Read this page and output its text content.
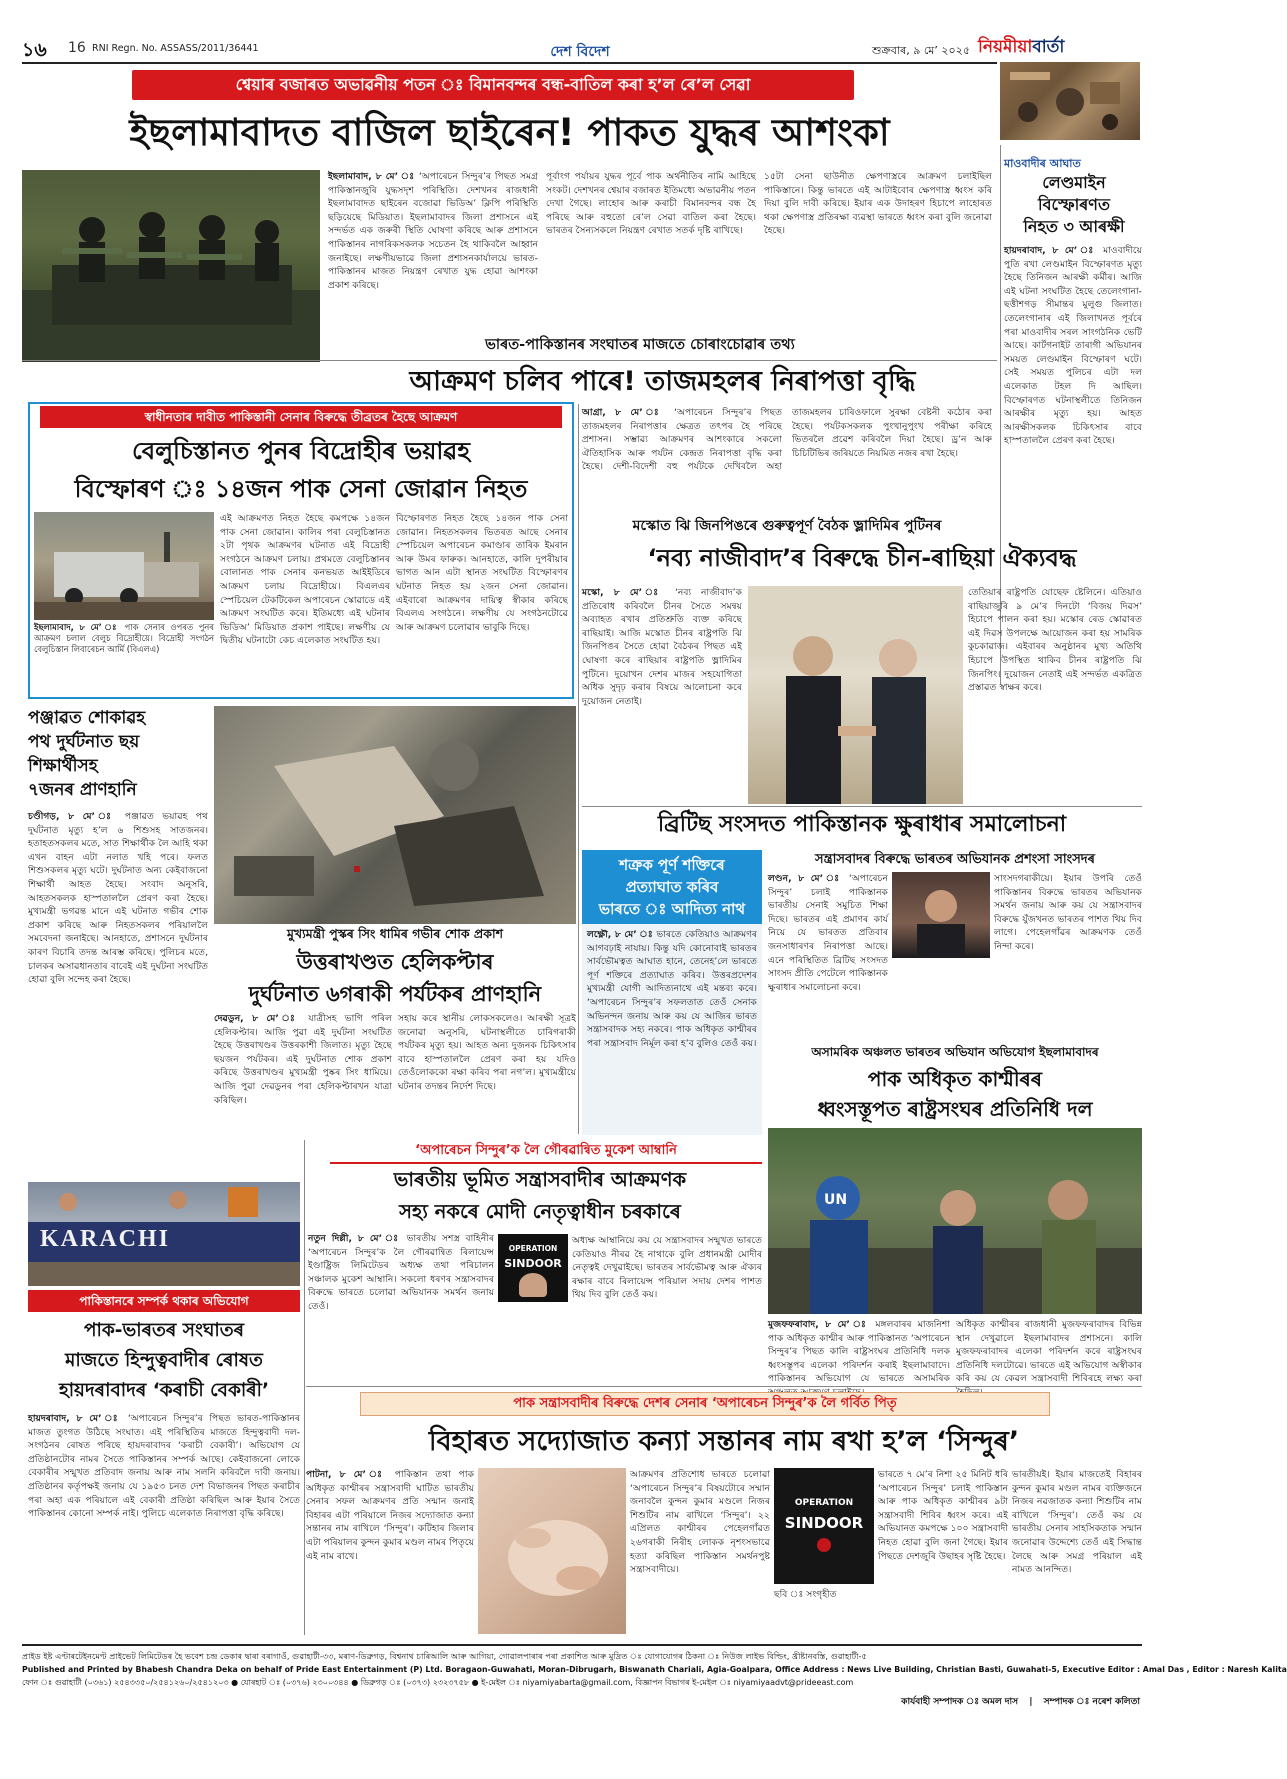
১৬ 16 RNI Regn. No. ASSASS/2011/36441	দেশ বিদেশ	শুক্রবাৰ, ৯ মে’ ২০২৫ নিয়মীয়াবাৰ্তা
শ্বেয়াৰ বজাৰত অভাৱনীয় পতন ঃ বিমানবন্দৰ বন্ধ-বাতিল কৰা হ’ল ৰে’ল সেৱা
ইছলামাবাদত বাজিল ছাইৰেন! পাকত যুদ্ধৰ আশংকা
ইছলামাবাদ, ৮ মে’ ঃ ‘অপাৰেচন সিন্দুৰ’ৰ পিছত সমগ্ৰ পাকিস্তানজুৰি যুদ্ধসদৃশ পৰিস্থিতি। দেশখনৰ ৰাজধানী ইছলামাবাদত ছাইৰেন বজোৱা ভিডিঅ’ ক্লিপি পৰিস্থিতি ছড়িয়েছে মিডিয়াত। ইছলামাবাদৰ জিলা প্ৰশাসনে এই সন্দৰ্ভত এক জৰুৰী স্থিতি ঘোষণা কৰিছে আৰু প্ৰশাসনে পাকিস্তানৰ নাগৰিকসকলক সচেতন হৈ থাকিবলৈ আহ্বান জনাইছে। লক্ষণীয়ভাৱে জিলা প্ৰশাসনকাৰ্যালয়ে ভাৰত-পাকিস্তানৰ মাজত নিয়ন্ত্ৰণ ৰেখাত যুদ্ধ হোৱা আশংকা প্ৰকাশ কৰিছে।
পূৰ্বাংগ পৰ্যায়ৰ যুদ্ধৰ পূৰ্বে পাক অৰ্থনীতিৰ নামি আহিছে সংকট। দেশখনৰ শ্বেয়াৰ বজাৰত ইতিমধ্যে অভাৱনীয় পতন দেখা গৈছে। লাহোৰ আৰু কৰাচী বিমানবন্দৰ বন্ধ হৈ পৰিছে আৰু বহুতো ৰে’ল সেৱা বাতিল কৰা হৈছে। ভাৰতৰ সৈন্যসকলে নিয়ন্ত্ৰণ ৰেখাত সতৰ্ক দৃষ্টি ৰাখিছে।
১৫টা সেনা ছাউনীত ক্ষেপণাস্ত্ৰৰে আক্ৰমণ চলাইছিল পাকিস্তানে। কিন্তু ভাৰতে এই আটাইবোৰ ক্ষেপণাস্ত্ৰ ধ্বংস কৰি দিয়া বুলি দাবী কৰিছে। ইয়াৰ এক উদাহৰণ হিচাপে লাহোৰত থকা ক্ষেপণাস্ত্ৰ প্ৰতিৰক্ষা ব্যৱস্থা ভাৰতে ধ্বংস কৰা বুলি জনোৱা হৈছে।
ভাৰত-পাকিস্তানৰ সংঘাতৰ মাজতে চোৰাংচোৱাৰ তথ্য
মাওবাদীৰ আঘাত
লেণ্ডমাইন
বিস্ফোৰণত
নিহত ৩ আৰক্ষী
হায়দৰাবাদ, ৮ মে’ ঃ মাওবাদীয়ে পুতি ৰখা লেণ্ডমাইন বিস্ফোৰণত মৃত্যু হৈছে তিনিজন আৰক্ষী কৰ্মীৰ। আজি এই ঘটনা সংঘটিত হৈছে তেলেংগানা-ছত্তীশগড় সীমান্তৰ মুলুগু জিলাত। তেলেংগানাৰ এই জিলাখনত পূৰ্বৰে পৰা মাওবাদীৰ সৰল সাংগঠনিক ভেটি আছে। কাৰ্টগনাইট তাৰাগী অভিযানৰ সময়ত লেণ্ডমাইন বিস্ফোৰণ ঘটে। সেই সময়ত পুলিচৰ এটা দল এলেকাত টহল দি আছিল। বিস্ফোৰণত ঘটনাস্থলীতে তিনিজন আৰক্ষীৰ মৃত্যু হয়। আহত আৰক্ষীসকলক চিকিৎসাৰ বাবে হাস্পতাললৈ প্ৰেৰণ কৰা হৈছে।
আক্ৰমণ চলিব পাৰে! তাজমহলৰ নিৰাপত্তা বৃদ্ধি
স্বাধীনতাৰ দাবীত পাকিস্তানী সেনাৰ বিৰুদ্ধে তীব্ৰতৰ হৈছে আক্ৰমণ
বেলুচিস্তানত পুনৰ বিদ্ৰোহীৰ ভয়াৱহ
বিস্ফোৰণ ঃ ১৪জন পাক সেনা জোৱান নিহত
ইছলামাবাদ, ৮ মে’ ঃ পাক সেনাৰ ওপৰত পুনৰ আক্ৰমণ চলাল বেলুচ বিদ্ৰোহীয়ে। বিদ্ৰোহী সংগঠন বেলুচিস্তান লিবাৰেচন আৰ্মি (বিএলএ)
এই আক্ৰমণত নিহত হৈছে কমপক্ষে ১৪জন পাক সেনা জোৱান। কালিৰ পৰা বেলুচিস্তানত ২টা পৃথক আক্ৰমণৰ ঘটনাত এই বিদ্ৰোহী সংগঠনে আক্ৰমণ চলায়। প্ৰথমতে বেলুচিস্তানৰ বোলানত পাক সেনাৰ কনভয়ত আইইডিৰে আক্ৰমণ চলায় বিদ্ৰোহীয়ে। বিএলএৰ স্পেচিয়েল টেকটিকেল অপাৰেচন স্কোৱাডে এই আক্ৰমণ সংঘটিত কৰে। ইতিমধ্যে এই ঘটনাৰ ভিডিঅ’ মিডিয়াত প্ৰকাশ পাইছে। লক্ষণীয় যে দ্বিতীয় ঘটনাটো কেচ এলেকাত সংঘটিত হয়।
বিস্ফোৰণত নিহত হৈছে ১৪জন পাক সেনা জোৱান। নিহতসকলৰ ভিতৰত আছে সেনাৰ স্পেচিয়েল অপাৰেচন কমাণ্ডাৰ তাৰিক ইমৰান আৰু উমৰ ফাৰুক। আনহাতে, কালি দুপৰীয়াৰ ভাগত আন এটা স্থানত সংঘটিত বিস্ফোৰণৰ ঘটনাত নিহত হয় ২জন সেনা জোৱান। এইবাৰো আক্ৰমণৰ দায়িত্ব স্বীকাৰ কৰিছে বিএলএ সংগঠনে। লক্ষণীয় যে সংগঠনটোৱে আৰু আক্ৰমণ চলোৱাৰ ভাবুকি দিছে।
আগ্ৰা, ৮ মে’ ঃ ‘অপাৰেচন সিন্দুৰ’ৰ পিছত তাজমহলৰ নিৰাপত্তাৰ ক্ষেত্ৰত তৎপৰ হৈ পৰিছে প্ৰশাসন। সম্ভাৱ্য আক্ৰমণৰ আশংকাৰে সকলো ঐতিহাসিক আৰু পৰ্যটন কেন্দ্ৰত নিৰাপত্তা বৃদ্ধি কৰা হৈছে। দেশী-বিদেশী বহু পৰ্যটকে দেখিবলৈ অহা তাজমহলৰ চাৰিওফালে সুৰক্ষা বেষ্টনী কঠোৰ কৰা হৈছে। পৰ্যটকসকলক পুংখানুপুংখ পৰীক্ষা কৰিহে ভিতৰলৈ প্ৰৱেশ কৰিবলৈ দিয়া হৈছে। ড্ৰ’ন আৰু চিচিটিভিৰ জৰিয়তে নিয়মিত নজৰ ৰখা হৈছে।
মস্কোত ঝি জিনপিঙৰে গুৰুত্বপূৰ্ণ বৈঠক ভ্লাদিমিৰ পুটিনৰ
‘নব্য নাজীবাদ’ৰ বিৰুদ্ধে চীন-ৰাছিয়া ঐক্যবদ্ধ
মস্কো, ৮ মে’ ঃ ‘নব্য নাজীবাদ’ক প্ৰতিৰোধ কৰিবলৈ চীনৰ সৈতে সমন্বয় অব্যাহত ৰখাৰ প্ৰতিশ্ৰুতি ব্যক্ত কৰিছে ৰাছিয়াই। আজি মস্কোত চীনৰ ৰাষ্ট্ৰপতি ঝি জিনপিঙৰ সৈতে হোৱা বৈঠকৰ পিছত এই ঘোষণা কৰে ৰাছিয়াৰ ৰাষ্ট্ৰপতি ভ্লাদিমিৰ পুটিনে। দুয়োখন দেশৰ মাজৰ সহযোগিতা অধিক সুদৃঢ় কৰাৰ বিষয়ে আলোচনা কৰে দুয়োজন নেতাই।
তেতিয়াৰ ৰাষ্ট্ৰপতি যোছেফ ষ্টেলিনে। এতিয়াও ৰাছিয়াজুৰি ৯ মে’ৰ দিনটো ‘বিজয় দিৱস’ হিচাপে পালন কৰা হয়। মস্কোৰ ৰেড স্কোৱাৰত এই দিৱস উপলক্ষে আয়োজন কৰা হয় সামৰিক কুচকাৱাজ। এইবাৰৰ অনুষ্ঠানৰ মুখ্য অতিথি হিচাপে উপস্থিত থাকিব চীনৰ ৰাষ্ট্ৰপতি ঝি জিনপিং। দুয়োজন নেতাই এই সন্দৰ্ভত একত্ৰিত প্ৰস্তাৱত স্বাক্ষৰ কৰে।
পঞ্জাৱত শোকাৱহ
পথ দুৰ্ঘটনাত ছয়
শিক্ষাৰ্থীসহ
৭জনৰ প্ৰাণহানি
চণ্ডীগড়, ৮ মে’ ঃ পঞ্জাৱত ভয়াৱহ পথ দুৰ্ঘটনাত মৃত্যু হ’ল ৬ শিশুসহ সাতজনৰ। হতাহতসকলৰ মতে, সাত শিক্ষাৰ্থীক লৈ আহি থকা এখন বাহন এটা নলাত খহি পৰে। ফলত শিশুসকলৰ মৃত্যু ঘটে। দুৰ্ঘটনাত অন্য কেইবাজনো শিক্ষাৰ্থী আহত হৈছে। সংবাদ অনুসৰি, আহতসকলক হাস্পতাললৈ প্ৰেৰণ কৰা হৈছে। মুখ্যমন্ত্ৰী ভগৱন্ত মানে এই ঘটনাত গভীৰ শোক প্ৰকাশ কৰিছে আৰু নিহতসকলৰ পৰিয়াললৈ সমবেদনা জনাইছে। আনহাতে, প্ৰশাসনে দুৰ্ঘটনাৰ কাৰণ বিচাৰি তদন্ত আৰম্ভ কৰিছে। পুলিচৰ মতে, চালকৰ অসাৱধানতাৰ বাবেই এই দুৰ্ঘটনা সংঘটিত হোৱা বুলি সন্দেহ কৰা হৈছে।
মুখ্যমন্ত্ৰী পুস্কৰ সিং ধামিৰ গভীৰ শোক প্ৰকাশ
উত্তৰাখণ্ডত হেলিকপ্টাৰ
দুৰ্ঘটনাত ৬গৰাকী পৰ্যটকৰ প্ৰাণহানি
দেৱডুন, ৮ মে’ ঃ যাত্ৰীসহ ভাগি পৰিল হেলিকপ্টাৰ। আজি পুৱা এই দুৰ্ঘটনা সংঘটিত হৈছে উত্তৰাখণ্ডৰ উত্তৰকাশী জিলাত। মৃত্যু হৈছে ছয়জন পৰ্যটকৰ। এই দুৰ্ঘটনাত শোক প্ৰকাশ কৰিছে উত্তৰাখণ্ডৰ মুখ্যমন্ত্ৰী পুষ্কৰ সিং ধামিয়ে। আজি পুৱা দেৱডুনৰ পৰা হেলিকপ্টাৰখন যাত্ৰা কৰিছিল।
সহায় কৰে স্থানীয় লোকসকলেও। আৰক্ষী সূত্ৰই জনোৱা অনুসৰি, ঘটনাস্থলীতে চাৰিগৰাকী পৰ্যটকৰ মৃত্যু হয়। আহত অন্য দুজনক চিকিৎসাৰ বাবে হাস্পতাললৈ প্ৰেৰণ কৰা হয় যদিও তেওঁলোককো ৰক্ষা কৰিব পৰা নগ’ল। মুখ্যমন্ত্ৰীয়ে ঘটনাৰ তদন্তৰ নিৰ্দেশ দিছে।
ব্ৰিটিছ সংসদত পাকিস্তানক ক্ষুৰাধাৰ সমালোচনা
শত্ৰুক পূৰ্ণ শক্তিৰে
প্ৰত্যাঘাত কৰিব
ভাৰতে ঃ আদিত্য নাথ
লক্ষ্ণৌ, ৮ মে’ ঃ ভাৰতে কেতিয়াও আক্ৰমণৰ আগবঢ়াই নাযায়। কিন্তু যদি কোনোবাই ভাৰতৰ সাৰ্বভৌমত্বত আঘাত হানে, তেনেহ’লে ভাৰতে পূৰ্ণ শক্তিৰে প্ৰত্যাঘাত কৰিব। উত্তৰপ্ৰদেশৰ মুখ্যমন্ত্ৰী যোগী আদিত্যনাথে এই মন্তব্য কৰে। ‘অপাৰেচন সিন্দুৰ’ৰ সফলতাত তেওঁ সেনাক অভিনন্দন জনায় আৰু কয় যে আজিৰ ভাৰত সন্ত্ৰাসবাদক সহ্য নকৰে। পাক অধিকৃত কাশ্মীৰৰ পৰা সন্ত্ৰাসবাদ নিৰ্মূল কৰা হ’ব বুলিও তেওঁ কয়।
সন্ত্ৰাসবাদৰ বিৰুদ্ধে ভাৰতৰ অভিযানক প্ৰশংসা সাংসদৰ
লণ্ডন, ৮ মে’ ঃ ‘অপাৰেচন সিন্দুৰ’ চলাই পাকিস্তানক ভাৰতীয় সেনাই সমুচিত শিক্ষা দিছে। ভাৰতৰ এই প্ৰমাণৰ কাৰ্য নিয়ে যে ভাৰতত প্ৰতিবাৰ জনসাধাৰণৰ নিৰাপত্তা আছে। এনে পৰিস্থিতিত ব্ৰিটিছ সংসদত সাংসদ প্ৰীতি পেটেলে পাকিস্তানক ক্ষুৰাধাৰ সমালোচনা কৰে।
সাংসদগৰাকীয়ে। ইয়াৰ উপৰি তেওঁ পাকিস্তানৰ বিৰুদ্ধে ভাৰতৰ অভিযানক সমৰ্থন জনায় আৰু কয় যে সন্ত্ৰাসবাদৰ বিৰুদ্ধে যুঁজখনত ভাৰতৰ পাশত থিয় দিব লাগে। পেহেলগাঁৱৰ আক্ৰমণক তেওঁ নিন্দা কৰে।
অসামৰিক অঞ্চলত ভাৰতৰ অভিযান অভিযোগ ইছলামাবাদৰ
পাক অধিকৃত কাশ্মীৰৰ
ধ্বংসস্তূপত ৰাষ্ট্ৰসংঘৰ প্ৰতিনিধি দল
UN
মুজফফৰাবাদ, ৮ মে’ ঃ মঙ্গলবাৰৰ মাজনিশা পাক অধিকৃত কাশ্মীৰ আৰু পাকিস্তানত ‘অপাৰেচন সিন্দুৰ’ৰ পিছত কালি ৰাষ্ট্ৰসংঘৰ প্ৰতিনিধি দলক ধ্বংসস্তূপৰ এলেকা পৰিদৰ্শন কৰাই ইছলামাবাদে। পাকিস্তানৰ অভিযোগ যে ভাৰতে অসামৰিক
অধিকৃত কাশ্মীৰৰ ৰাজধানী মুজফফৰাবাদৰ বিভিন্ন স্থান দেখুৱালে ইছলামাবাদৰ প্ৰশাসনে। কালি মুজফফৰাবাদৰ এলেকা পৰিদৰ্শন কৰে ৰাষ্ট্ৰসংঘৰ প্ৰতিনিধি দলটোৱে। ভাৰতে এই অভিযোগ অস্বীকাৰ কৰি কয় যে কেৱল সন্ত্ৰাসবাদী শিবিৰহে লক্ষ্য কৰা
KARACHI
পাকিস্তানৰে সম্পৰ্ক থকাৰ অভিযোগ
পাক-ভাৰতৰ সংঘাতৰ
মাজতে হিন্দুত্ববাদীৰ ৰোষত
হায়দৰাবাদৰ ‘কৰাচী বেকাৰী’
হায়দৰাবাদ, ৮ মে’ ঃ ‘অপাৰেচন সিন্দুৰ’ৰ পিছত ভাৰত-পাকিস্তানৰ মাজত তুংগত উঠিছে সংঘাত। এই পৰিস্থিতিৰ মাজতে হিন্দুত্ববাদী দল-সংগঠনৰ ৰোষত পৰিছে হায়দৰাবাদৰ ‘কৰাচী বেকাৰী’। অভিযোগ যে প্ৰতিষ্ঠানটোৰ নামৰ সৈতে পাকিস্তানৰ সম্পৰ্ক আছে। কেইবাজনো লোকে বেকাৰীৰ সন্মুখত প্ৰতিবাদ জনায় আৰু নাম সলনি কৰিবলৈ দাবী জনায়। প্ৰতিষ্ঠানৰ কৰ্তৃপক্ষই জনায় যে ১৯৫৩ চনত দেশ বিভাজনৰ পিছত কৰাচীৰ পৰা অহা এক পৰিয়ালে এই বেকাৰী প্ৰতিষ্ঠা কৰিছিল আৰু ইয়াৰ সৈতে পাকিস্তানৰ কোনো সম্পৰ্ক নাই। পুলিচে এলেকাত নিৰাপত্তা বৃদ্ধি কৰিছে।
‘অপাৰেচন সিন্দুৰ’ক লৈ গৌৰৱান্বিত মুকেশ আম্বানি
ভাৰতীয় ভূমিত সন্ত্ৰাসবাদীৰ আক্ৰমণক
সহ্য নকৰে মোদী নেতৃত্বাধীন চৰকাৰে
নতুন দিল্লী, ৮ মে’ ঃ ভাৰতীয় সশস্ত্ৰ বাহিনীৰ ‘অপাৰেচন সিন্দুৰ’ক লৈ গৌৰৱান্বিত ৰিলায়েন্স ইণ্ডাষ্ট্ৰিজ লিমিটেডৰ অধ্যক্ষ তথা পৰিচালন সঞ্চালক মুকেশ আম্বানি। সকলো ধৰণৰ সন্ত্ৰাসবাদৰ বিৰুদ্ধে ভাৰতে চলোৱা অভিযানক সমৰ্থন জনায় তেওঁ।
OPERATION
SINDOOR
অধ্যক্ষ আম্বানিয়ে কয় যে সন্ত্ৰাসবাদৰ সন্মুখত ভাৰতে কেতিয়াও নীৰৱ হৈ নাথাকে বুলি প্ৰধানমন্ত্ৰী মোদীৰ নেতৃত্বই দেখুৱাইছে। ভাৰতৰ সাৰ্বভৌমত্ব আৰু ঐক্যৰ ৰক্ষাৰ বাবে ৰিলায়েন্স পৰিয়াল সদায় দেশৰ পাশত থিয় দিব বুলি তেওঁ কয়।
পাক সন্ত্ৰাসবাদীৰ বিৰুদ্ধে দেশৰ সেনাৰ ‘অপাৰেচন সিন্দুৰ’ক লৈ গৰ্বিত পিতৃ
বিহাৰত সদ্যোজাত কন্যা সন্তানৰ নাম ৰখা হ’ল ‘সিন্দুৰ’
পাটনা, ৮ মে’ ঃ পাকিস্তান তথা পাক অধিকৃত কাশ্মীৰৰ সন্ত্ৰাসবাদী ঘাটিত ভাৰতীয় সেনাৰ সফল আক্ৰমণৰ প্ৰতি সন্মান জনাই বিহাৰৰ এটা পৰিয়ালে নিজৰ সদ্যোজাত কন্যা সন্তানৰ নাম ৰাখিলে ‘সিন্দুৰ’। কটিহাৰ জিলাৰ এটা পৰিয়ালৰ কুন্দন কুমাৰ মণ্ডল নামৰ পিতৃয়ে এই নাম ৰাখে।
আক্ৰমণৰ প্ৰতিশোধ ভাৰতে চলোৱা ‘অপাৰেচন সিন্দুৰ’ৰ বিষয়টোৰে সম্মান জনাবলৈ কুন্দন কুমাৰ মণ্ডলে নিজৰ শিশুটিৰ নাম ৰাখিলে ‘সিন্দুৰ’। ২২ এপ্ৰিলত কাশ্মীৰৰ পেহেলগাঁৱত ২৬গৰাকী নিৰীহ লোকক নৃশংসভাৱে হত্যা কৰিছিল পাকিস্তান সমৰ্থনপুষ্ট সন্ত্ৰাসবাদীয়ে।
OPERATION
SINDOOR
ছবি ঃ সংগৃহীত
ভাৰতে ৭ মে’ৰ নিশা ২৫ মিনিট ধৰি ‘অপাৰেচন সিন্দুৰ’ চলাই পাকিস্তান আৰু পাক অধিকৃত কাশ্মীৰৰ ৯টা সন্ত্ৰাসবাদী শিবিৰ ধ্বংস কৰে। এই অভিযানত কমপক্ষে ১০০ সন্ত্ৰাসবাদী নিহত হোৱা বুলি জনা গৈছে। ইয়াৰ পিছতে দেশজুৰি উছাহৰ সৃষ্টি হৈছে।
ভাৰতীয়ই। ইয়াৰ মাজতেই বিহাৰৰ কুন্দন কুমাৰ মণ্ডল নামৰ ব্যক্তিজনে নিজৰ নৱজাতক কন্যা শিশুটিৰ নাম ৰাখিলে ‘সিন্দুৰ’। তেওঁ কয় যে ভাৰতীয় সেনাৰ সাহসিকতাক সন্মান জনোৱাৰ উদ্দেশ্যে তেওঁ এই সিদ্ধান্ত লৈছে আৰু সমগ্ৰ পৰিয়াল এই নামত আনন্দিত।
প্ৰাইড ইষ্ট এণ্টাৰটেইনমেণ্ট প্ৰাইভেট লিমিটেডৰ হৈ ভবেশ চন্দ্ৰ ডেকাৰ দ্বাৰা বৰাগাওঁ, গুৱাহাটী-৩৩, মৰাণ-ডিব্ৰুগড়, বিশ্বনাথ চাৰিআলি আৰু আগিয়া, গোৱালপাৰাৰ পৰা প্ৰকাশিত আৰু মুদ্ৰিত ঃ যোগাযোগৰ ঠিকনা ঃ নিউজ লাইভ বিল্ডিং, খ্ৰীষ্টানবস্তি, গুৱাহাটী-৫
Published and Printed by Bhabesh Chandra Deka on behalf of Pride East Entertainment (P) Ltd. Boragaon-Guwahati, Moran-Dibrugarh, Biswanath Chariali, Agia-Goalpara, Office Address : News Live Building, Christian Basti, Guwahati-5, Executive Editor : Amal Das , Editor : Naresh Kalita
ফোন ঃ গুৱাহাটী (০৩৬১) ২৫৪৩৩৫০/২৫৪১২৬০/২৫৪১২০৩ ● যোৰহাট ঃ (০৩৭৬) ২৩০০৩৪৪ ● ডিব্ৰুগড় ঃ (০৩৭৩) ২৩২৩৭৫৮ ● ই-মেইল ঃ niyamiyabarta@gmail.com, বিজ্ঞাপন বিভাগৰ ই-মেইল ঃ niyamiyaadvt@prideeast.com
কাৰ্যবাহী সম্পাদক ঃ অমল দাস | সম্পাদক ঃ নৰেশ কলিতা
